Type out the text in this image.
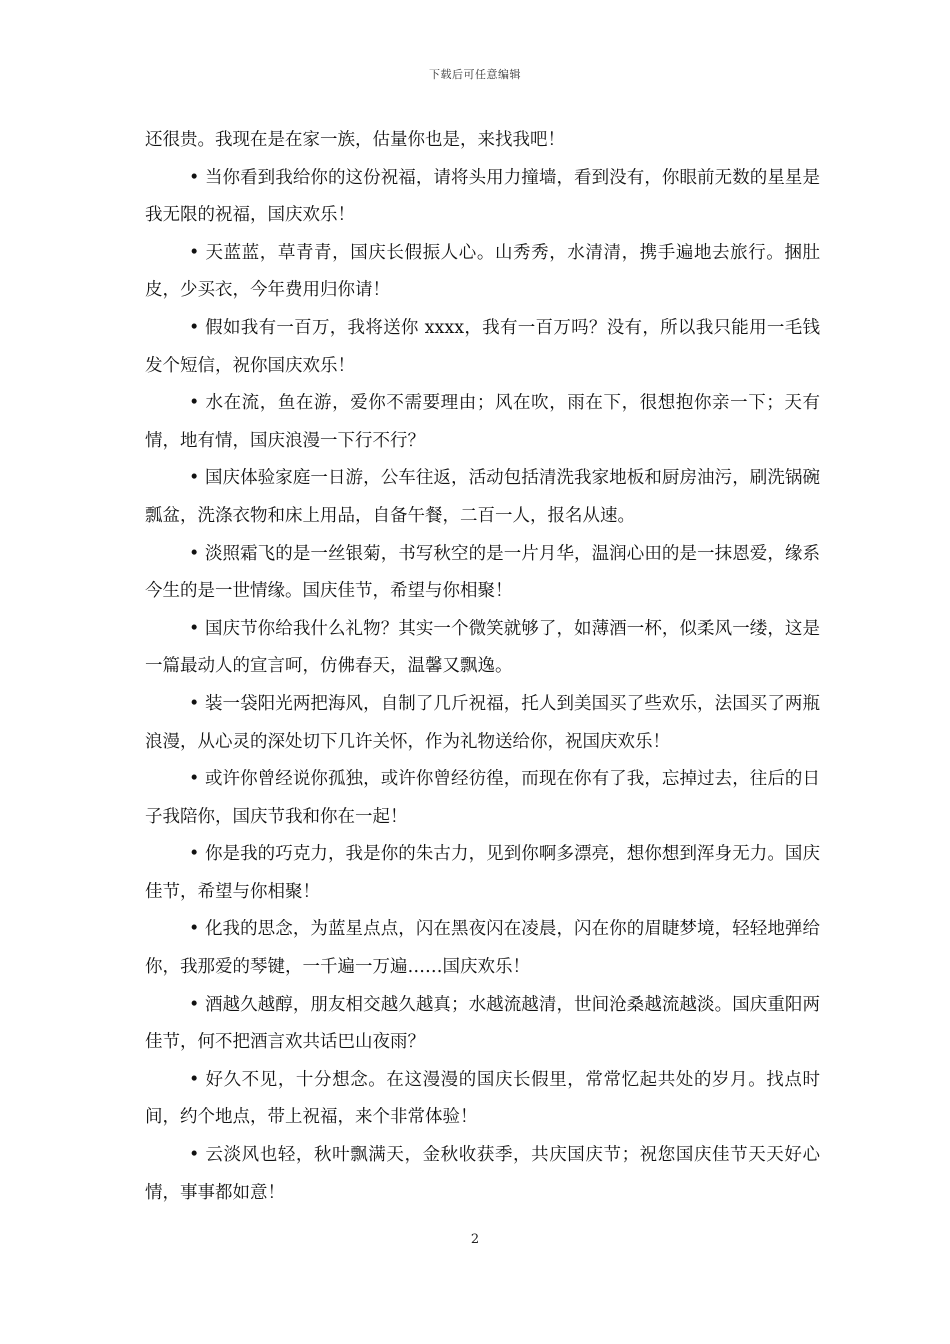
下载后可任意编辑

还很贵。我现在是在家一族，估量你也是，来找我吧！

• 当你看到我给你的这份祝福，请将头用力撞墙，看到没有，你眼前无数的星星是我无限的祝福，国庆欢乐！

• 天蓝蓝，草青青，国庆长假振人心。山秀秀，水清清，携手遍地去旅行。捆肚皮，少买衣，今年费用归你请！

• 假如我有一百万，我将送你 xxxx，我有一百万吗？没有，所以我只能用一毛钱发个短信，祝你国庆欢乐！

• 水在流，鱼在游，爱你不需要理由；风在吹，雨在下，很想抱你亲一下；天有情，地有情，国庆浪漫一下行不行？

• 国庆体验家庭一日游，公车往返，活动包括清洗我家地板和厨房油污，刷洗锅碗瓢盆，洗涤衣物和床上用品，自备午餐，二百一人，报名从速。

• 淡照霜飞的是一丝银菊，书写秋空的是一片月华，温润心田的是一抹恩爱，缘系今生的是一世情缘。国庆佳节，希望与你相聚！

• 国庆节你给我什么礼物？其实一个微笑就够了，如薄酒一杯，似柔风一缕，这是一篇最动人的宣言呵，仿佛春天，温馨又飘逸。

• 装一袋阳光两把海风，自制了几斤祝福，托人到美国买了些欢乐，法国买了两瓶浪漫，从心灵的深处切下几许关怀，作为礼物送给你，祝国庆欢乐！

• 或许你曾经说你孤独，或许你曾经彷徨，而现在你有了我，忘掉过去，往后的日子我陪你，国庆节我和你在一起！

• 你是我的巧克力，我是你的朱古力，见到你啊多漂亮，想你想到浑身无力。国庆佳节，希望与你相聚！

• 化我的思念，为蓝星点点，闪在黑夜闪在凌晨，闪在你的眉睫梦境，轻轻地弹给你，我那爱的琴键，一千遍一万遍……国庆欢乐！

• 酒越久越醇，朋友相交越久越真；水越流越清，世间沧桑越流越淡。国庆重阳两佳节，何不把酒言欢共话巴山夜雨？

• 好久不见，十分想念。在这漫漫的国庆长假里，常常忆起共处的岁月。找点时间，约个地点，带上祝福，来个非常体验！

• 云淡风也轻，秋叶飘满天，金秋收获季，共庆国庆节；祝您国庆佳节天天好心情，事事都如意！

2
